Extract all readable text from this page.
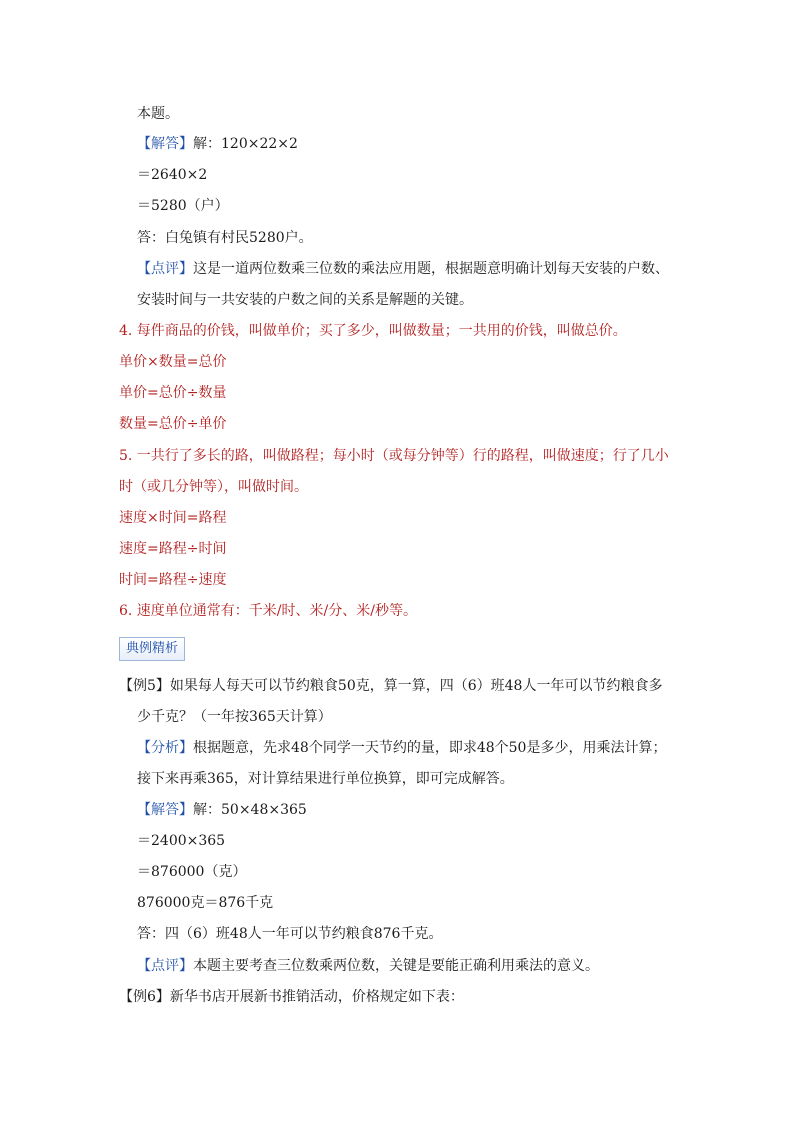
本题。
【解答】解：120×22×2
＝2640×2
＝5280（户）
答：白兔镇有村民5280户。
【点评】这是一道两位数乘三位数的乘法应用题，根据题意明确计划每天安装的户数、
安装时间与一共安装的户数之间的关系是解题的关键。
4. 每件商品的价钱，叫做单价；买了多少，叫做数量；一共用的价钱，叫做总价。
单价×数量=总价
单价=总价÷数量
数量=总价÷单价
5. 一共行了多长的路，叫做路程；每小时（或每分钟等）行的路程，叫做速度；行了几小
时（或几分钟等），叫做时间。
速度×时间=路程
速度=路程÷时间
时间=路程÷速度
6. 速度单位通常有：千米/时、米/分、米/秒等。
典例精析
【例5】如果每人每天可以节约粮食50克，算一算，四（6）班48人一年可以节约粮食多
少千克？（一年按365天计算）
【分析】根据题意，先求48个同学一天节约的量，即求48个50是多少，用乘法计算；
接下来再乘365，对计算结果进行单位换算，即可完成解答。
【解答】解：50×48×365
＝2400×365
＝876000（克）
876000克＝876千克
答：四（6）班48人一年可以节约粮食876千克。
【点评】本题主要考查三位数乘两位数，关键是要能正确利用乘法的意义。
【例6】新华书店开展新书推销活动，价格规定如下表：
